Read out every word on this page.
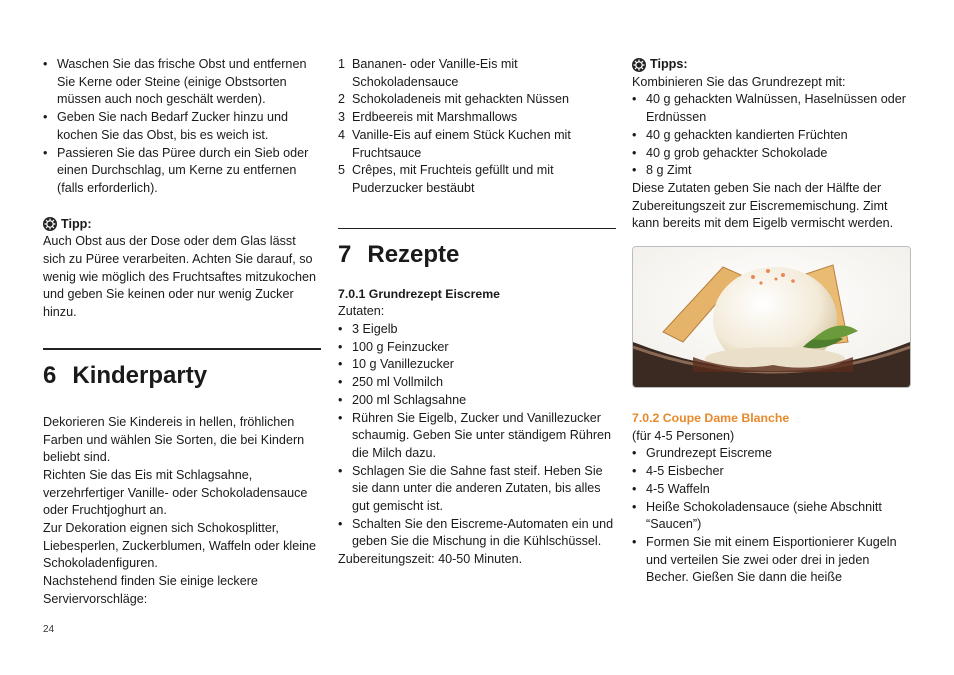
• Waschen Sie das frische Obst und entfernen Sie Kerne oder Steine (einige Obstsorten müssen auch noch geschält werden).
• Geben Sie nach Bedarf Zucker hinzu und kochen Sie das Obst, bis es weich ist.
• Passieren Sie das Püree durch ein Sieb oder einen Durchschlag, um Kerne zu entfernen (falls erforderlich).
Tipp:

Auch Obst aus der Dose oder dem Glas lässt sich zu Püree verarbeiten. Achten Sie darauf, so wenig wie möglich des Fruchtsaftes mitzukochen und geben Sie keinen oder nur wenig Zucker hinzu.

6 Kinderparty

Dekorieren Sie Kindereis in hellen, fröhlichen Farben und wählen Sie Sorten, die bei Kindern beliebt sind.

Richten Sie das Eis mit Schlagsahne, verzehrfertiger Vanille- oder Schokoladensauce oder Fruchtjoghurt an.

Zur Dekoration eignen sich Schokosplitter, Liebesperlen, Zuckerblumen, Waffeln oder kleine Schokoladenfiguren.

Nachstehend finden Sie einige leckere Serviervorschläge:

1 Bananen- oder Vanille-Eis mit Schokoladensauce
2 Schokoladeneis mit gehackten Nüssen
3 Erdbeereis mit Marshmallows
4 Vanille-Eis auf einem Stück Kuchen mit Fruchtsauce
5 Crêpes, mit Fruchteis gefüllt und mit Puderzucker bestäubt
7 Rezepte
7.0.1 Grundrezept Eiscreme

Zutaten:

• 3 Eigelb
• 100 g Feinzucker
• 10 g Vanillezucker
• 250 ml Vollmilch
• 200 ml Schlagsahne
• Rühren Sie Eigelb, Zucker und Vanillezucker schaumig. Geben Sie unter ständigem Rühren die Milch dazu.
• Schlagen Sie die Sahne fast steif. Heben Sie sie dann unter die anderen Zutaten, bis alles gut gemischt ist.
• Schalten Sie den Eiscreme-Automaten ein und geben Sie die Mischung in die Kühlschüssel.

Zubereitungszeit: 40-50 Minuten.

Tipps:

Kombinieren Sie das Grundrezept mit:

• 40 g gehackten Walnüssen, Haselnüssen oder Erdnüssen
• 40 g gehackten kandierten Früchten
• 40 g grob gehackter Schokolade
• 8 g Zimt

Diese Zutaten geben Sie nach der Hälfte der Zubereitungszeit zur Eiscrememischung. Zimt kann bereits mit dem Eigelb vermischt werden.

7.0.2 Coupe Dame Blanche

(für 4-5 Personen)

• Grundrezept Eiscreme
• 4-5 Eisbecher
• 4-5 Waffeln
• Heiße Schokoladensauce (siehe Abschnitt “Saucen”)
• Formen Sie mit einem Eisportionierer Kugeln und verteilen Sie zwei oder drei in jeden Becher. Gießen Sie dann die heiße
24
